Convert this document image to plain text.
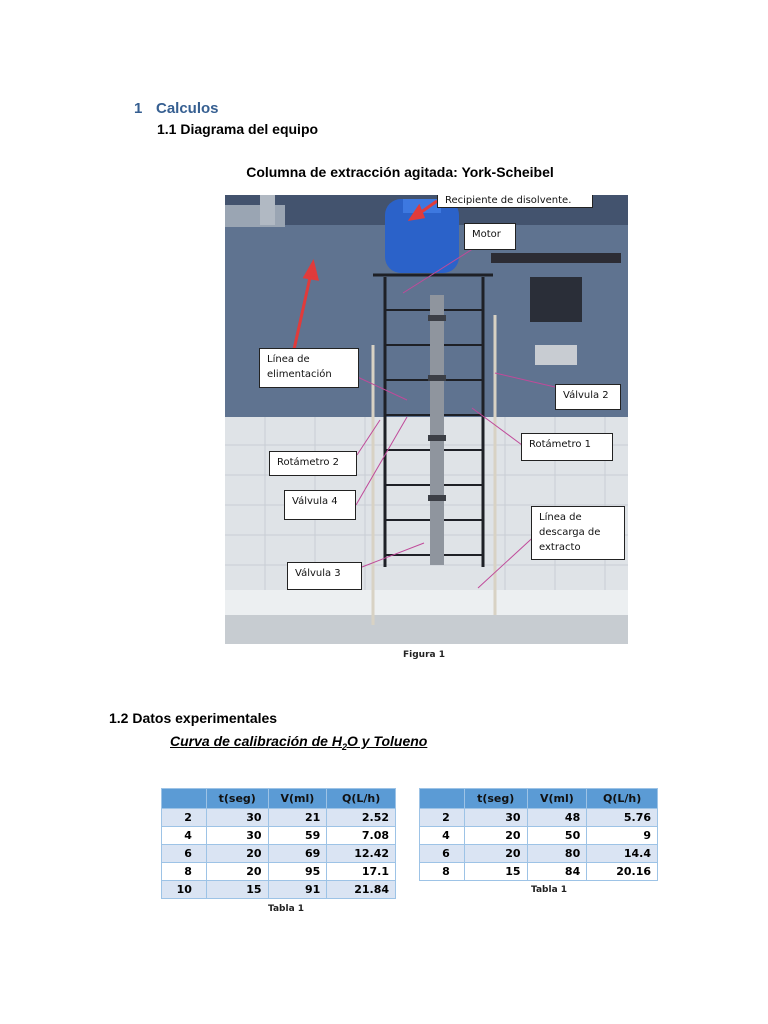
1 Calculos
1.1 Diagrama del equipo
Columna de extracción agitada: York-Scheibel
Recipiente de disolvente.
Motor
Línea de elimentación
Válvula 2
Rotámetro 1
Rotámetro 2
Válvula 4
Línea de descarga de extracto
Válvula 3
Figura 1
1.2 Datos experimentales
Curva de calibración de $H_2O$ y Tolueno
	t(seg)	V(ml)	Q(L/h)
2	30	21	2.52
4	30	59	7.08
6	20	69	12.42
8	20	95	17.1
10	15	91	21.84
Tabla 1
	t(seg)	V(ml)	Q(L/h)
2	30	48	5.76
4	20	50	9
6	20	80	14.4
8	15	84	20.16
Tabla 1
